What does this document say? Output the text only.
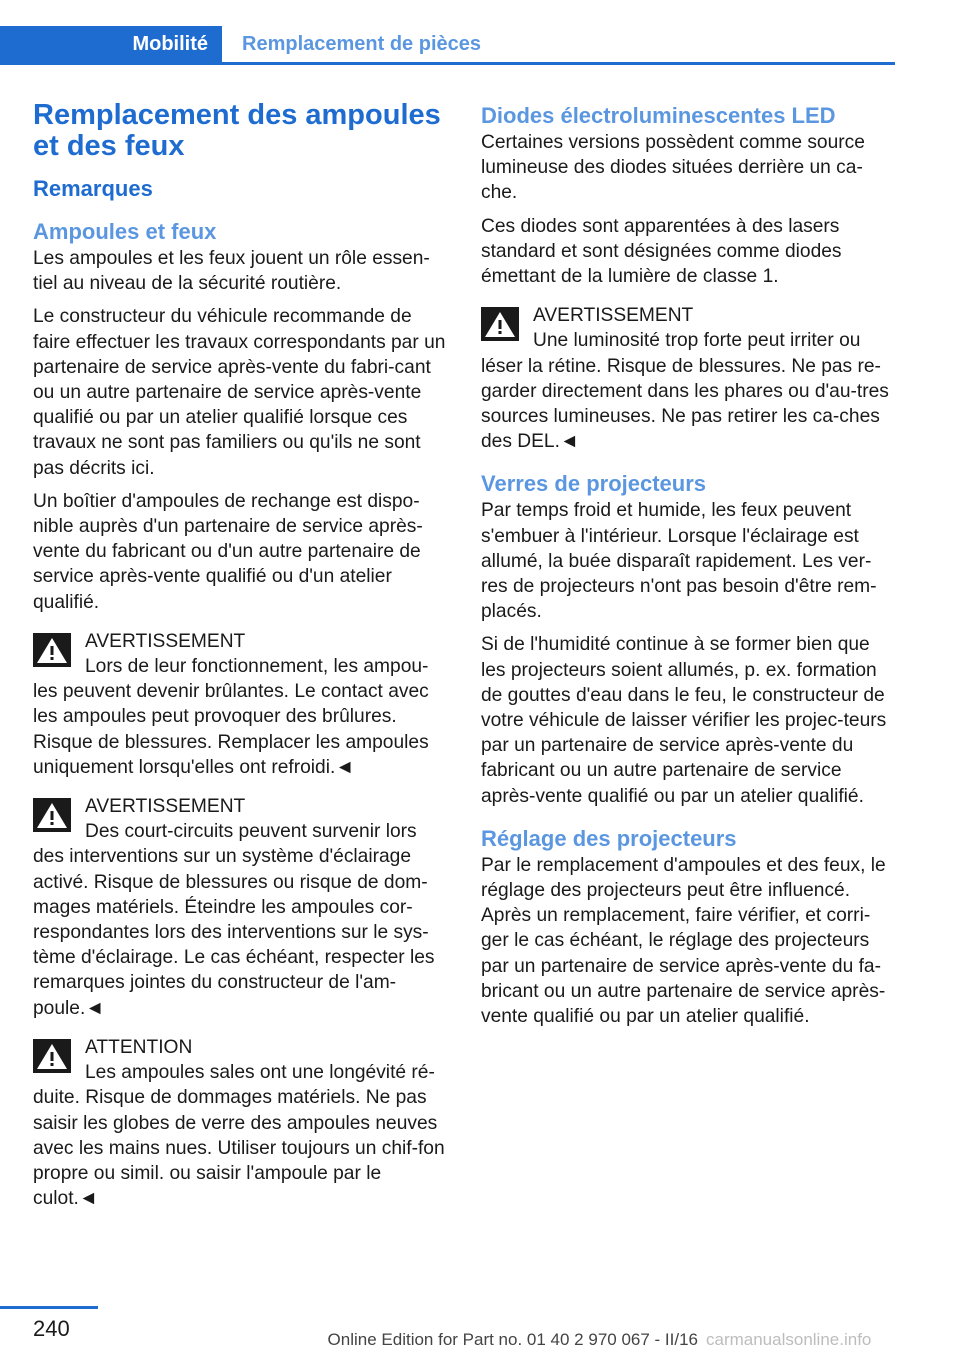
Mobilité	Remplacement de pièces
Remplacement des ampoules et des feux
Remarques
Ampoules et feux

Les ampoules et les feux jouent un rôle essen-tiel au niveau de la sécurité routière.

Le constructeur du véhicule recommande de faire effectuer les travaux correspondants par un partenaire de service après-vente du fabri-cant ou un autre partenaire de service après-vente qualifié ou par un atelier qualifié lorsque ces travaux ne sont pas familiers ou qu'ils ne sont pas décrits ici.

Un boîtier d'ampoules de rechange est dispo-nible auprès d'un partenaire de service après-vente du fabricant ou d'un autre partenaire de service après-vente qualifié ou d'un atelier qualifié.

AVERTISSEMENT
Lors de leur fonctionnement, les ampou-
les peuvent devenir brûlantes. Le contact avec les ampoules peut provoquer des brûlures. Risque de blessures. Remplacer les ampoules uniquement lorsqu'elles ont refroidi.◄
AVERTISSEMENT
Des court-circuits peuvent survenir lors
des interventions sur un système d'éclairage activé. Risque de blessures ou risque de dom-mages matériels. Éteindre les ampoules cor-respondantes lors des interventions sur le sys-tème d'éclairage. Le cas échéant, respecter les remarques jointes du constructeur de l'am-poule.◄
ATTENTION
Les ampoules sales ont une longévité ré-
duite. Risque de dommages matériels. Ne pas saisir les globes de verre des ampoules neuves avec les mains nues. Utiliser toujours un chif-fon propre ou simil. ou saisir l'ampoule par le culot.◄
Diodes électroluminescentes LED

Certaines versions possèdent comme source lumineuse des diodes situées derrière un ca-che.

Ces diodes sont apparentées à des lasers standard et sont désignées comme diodes émettant de la lumière de classe 1.

AVERTISSEMENT
Une luminosité trop forte peut irriter ou
léser la rétine. Risque de blessures. Ne pas re-garder directement dans les phares ou d'au-tres sources lumineuses. Ne pas retirer les ca-ches des DEL.◄
Verres de projecteurs

Par temps froid et humide, les feux peuvent s'embuer à l'intérieur. Lorsque l'éclairage est allumé, la buée disparaît rapidement. Les ver-res de projecteurs n'ont pas besoin d'être rem-placés.

Si de l'humidité continue à se former bien que les projecteurs soient allumés, p. ex. formation de gouttes d'eau dans le feu, le constructeur de votre véhicule de laisser vérifier les projec-teurs par un partenaire de service après-vente du fabricant ou un autre partenaire de service après-vente qualifié ou par un atelier qualifié.

Réglage des projecteurs

Par le remplacement d'ampoules et des feux, le réglage des projecteurs peut être influencé. Après un remplacement, faire vérifier, et corri-ger le cas échéant, le réglage des projecteurs par un partenaire de service après-vente du fa-bricant ou un autre partenaire de service après-vente qualifié ou par un atelier qualifié.

240	Online Edition for Part no. 01 40 2 970 067 - II/16 carmanualsonline.info
